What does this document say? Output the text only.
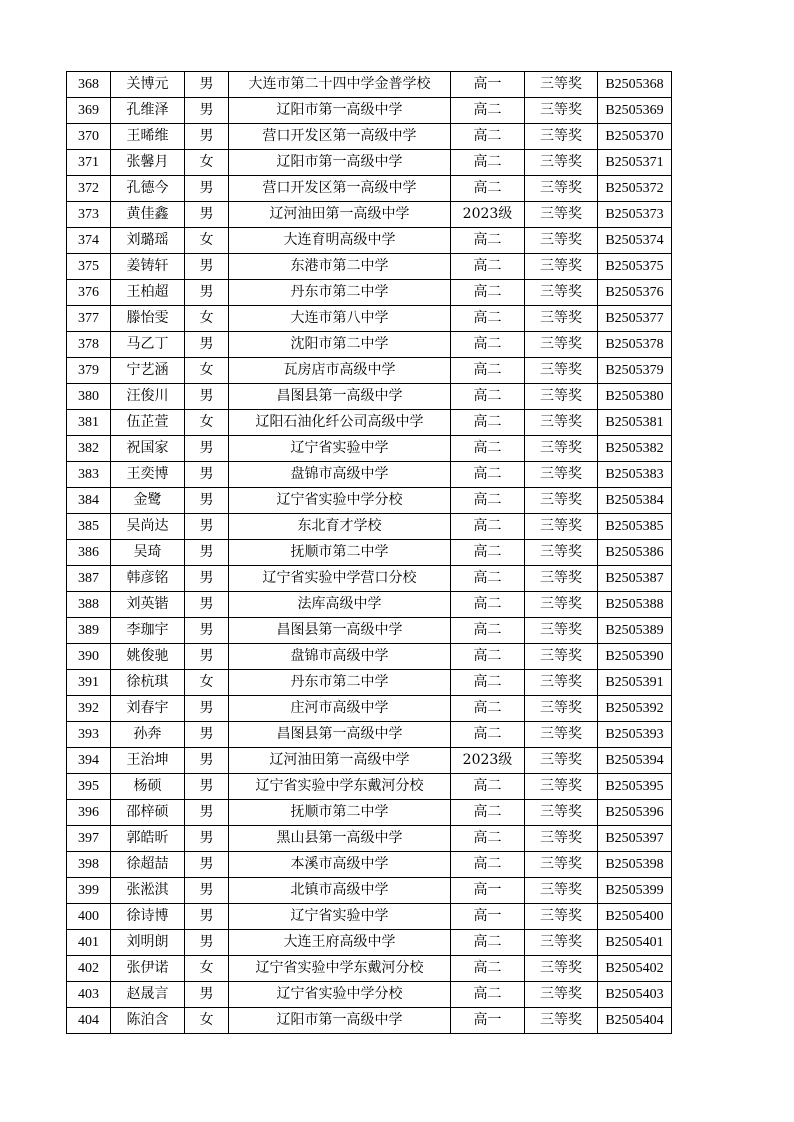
368	关博元	男	大连市第二十四中学金普学校	高一	三等奖	B2505368
369	孔维泽	男	辽阳市第一高级中学	高二	三等奖	B2505369
370	王晞维	男	营口开发区第一高级中学	高二	三等奖	B2505370
371	张馨月	女	辽阳市第一高级中学	高二	三等奖	B2505371
372	孔德今	男	营口开发区第一高级中学	高二	三等奖	B2505372
373	黄佳鑫	男	辽河油田第一高级中学	2023级	三等奖	B2505373
374	刘璐瑶	女	大连育明高级中学	高二	三等奖	B2505374
375	姜铸轩	男	东港市第二中学	高二	三等奖	B2505375
376	王柏超	男	丹东市第二中学	高二	三等奖	B2505376
377	滕怡雯	女	大连市第八中学	高二	三等奖	B2505377
378	马乙丁	男	沈阳市第二中学	高二	三等奖	B2505378
379	宁艺涵	女	瓦房店市高级中学	高二	三等奖	B2505379
380	汪俊川	男	昌图县第一高级中学	高二	三等奖	B2505380
381	伍芷萱	女	辽阳石油化纤公司高级中学	高二	三等奖	B2505381
382	祝国家	男	辽宁省实验中学	高二	三等奖	B2505382
383	王奕博	男	盘锦市高级中学	高二	三等奖	B2505383
384	金鹭	男	辽宁省实验中学分校	高二	三等奖	B2505384
385	吴尚达	男	东北育才学校	高二	三等奖	B2505385
386	吴琦	男	抚顺市第二中学	高二	三等奖	B2505386
387	韩彦铭	男	辽宁省实验中学营口分校	高二	三等奖	B2505387
388	刘英锴	男	法库高级中学	高二	三等奖	B2505388
389	李珈宇	男	昌图县第一高级中学	高二	三等奖	B2505389
390	姚俊驰	男	盘锦市高级中学	高二	三等奖	B2505390
391	徐杭琪	女	丹东市第二中学	高二	三等奖	B2505391
392	刘春宇	男	庄河市高级中学	高二	三等奖	B2505392
393	孙奔	男	昌图县第一高级中学	高二	三等奖	B2505393
394	王治坤	男	辽河油田第一高级中学	2023级	三等奖	B2505394
395	杨硕	男	辽宁省实验中学东戴河分校	高二	三等奖	B2505395
396	邵梓硕	男	抚顺市第二中学	高二	三等奖	B2505396
397	郭皓昕	男	黑山县第一高级中学	高二	三等奖	B2505397
398	徐超喆	男	本溪市高级中学	高二	三等奖	B2505398
399	张淞淇	男	北镇市高级中学	高一	三等奖	B2505399
400	徐诗博	男	辽宁省实验中学	高一	三等奖	B2505400
401	刘明朗	男	大连王府高级中学	高二	三等奖	B2505401
402	张伊诺	女	辽宁省实验中学东戴河分校	高二	三等奖	B2505402
403	赵晟言	男	辽宁省实验中学分校	高二	三等奖	B2505403
404	陈泊含	女	辽阳市第一高级中学	高一	三等奖	B2505404
